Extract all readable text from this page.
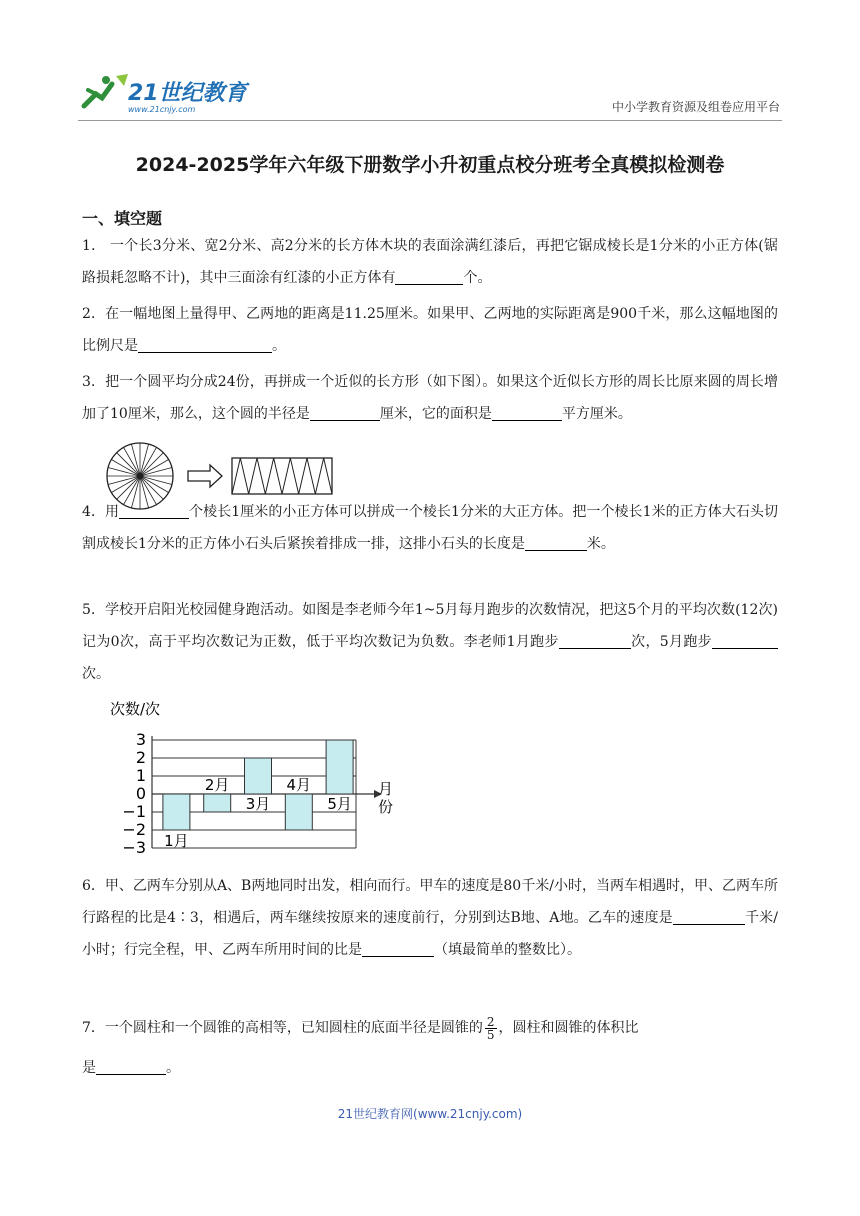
21世纪教育
www.21cnjy.com	中小学教育资源及组卷应用平台
2024-2025学年六年级下册数学小升初重点校分班考全真模拟检测卷
一、填空题
1． 一个长3分米、宽2分米、高2分米的长方体木块的表面涂满红漆后，再把它锯成棱长是1分米的小正方体(锯路损耗忽略不计)，其中三面涂有红漆的小正方体有	个。
2．在一幅地图上量得甲、乙两地的距离是11.25厘米。如果甲、乙两地的实际距离是900千米，那么这幅地图的比例尺是	。
3．把一个圆平均分成24份，再拼成一个近似的长方形（如下图）。如果这个近似长方形的周长比原来圆的周长增加了10厘米，那么，这个圆的半径是	厘米，它的面积是	平方厘米。
4．用	个棱长1厘米的小正方体可以拼成一个棱长1分米的大正方体。把一个棱长1米的正方体大石头切割成棱长1分米的正方体小石头后紧挨着排成一排，这排小石头的长度是	米。
5．学校开启阳光校园健身跑活动。如图是李老师今年1~5月每月跑步的次数情况，把这5个月的平均次数(12次)记为0次，高于平均次数记为正数，低于平均次数记为负数。李老师1月跑步	次，5月跑步次。
次数/次
3
2
1
0
−1
−2
−3 1月
2月
3月
4月
5月
月
份
6．甲、乙两车分别从A、B两地同时出发，相向而行。甲车的速度是80千米/小时，当两车相遇时，甲、乙两车所行路程的比是4∶3，相遇后，两车继续按原来的速度前行，分别到达B地、A地。乙车的速度是	千米/小时；行完全程，甲、乙两车所用时间的比是	（填最简单的整数比）。
7．一个圆柱和一个圆锥的高相等，已知圆柱的底面半径是圆锥的 $\frac{2}{5}$ ，圆柱和圆锥的体积比
是	。
21世纪教育网(www.21cnjy.com)
